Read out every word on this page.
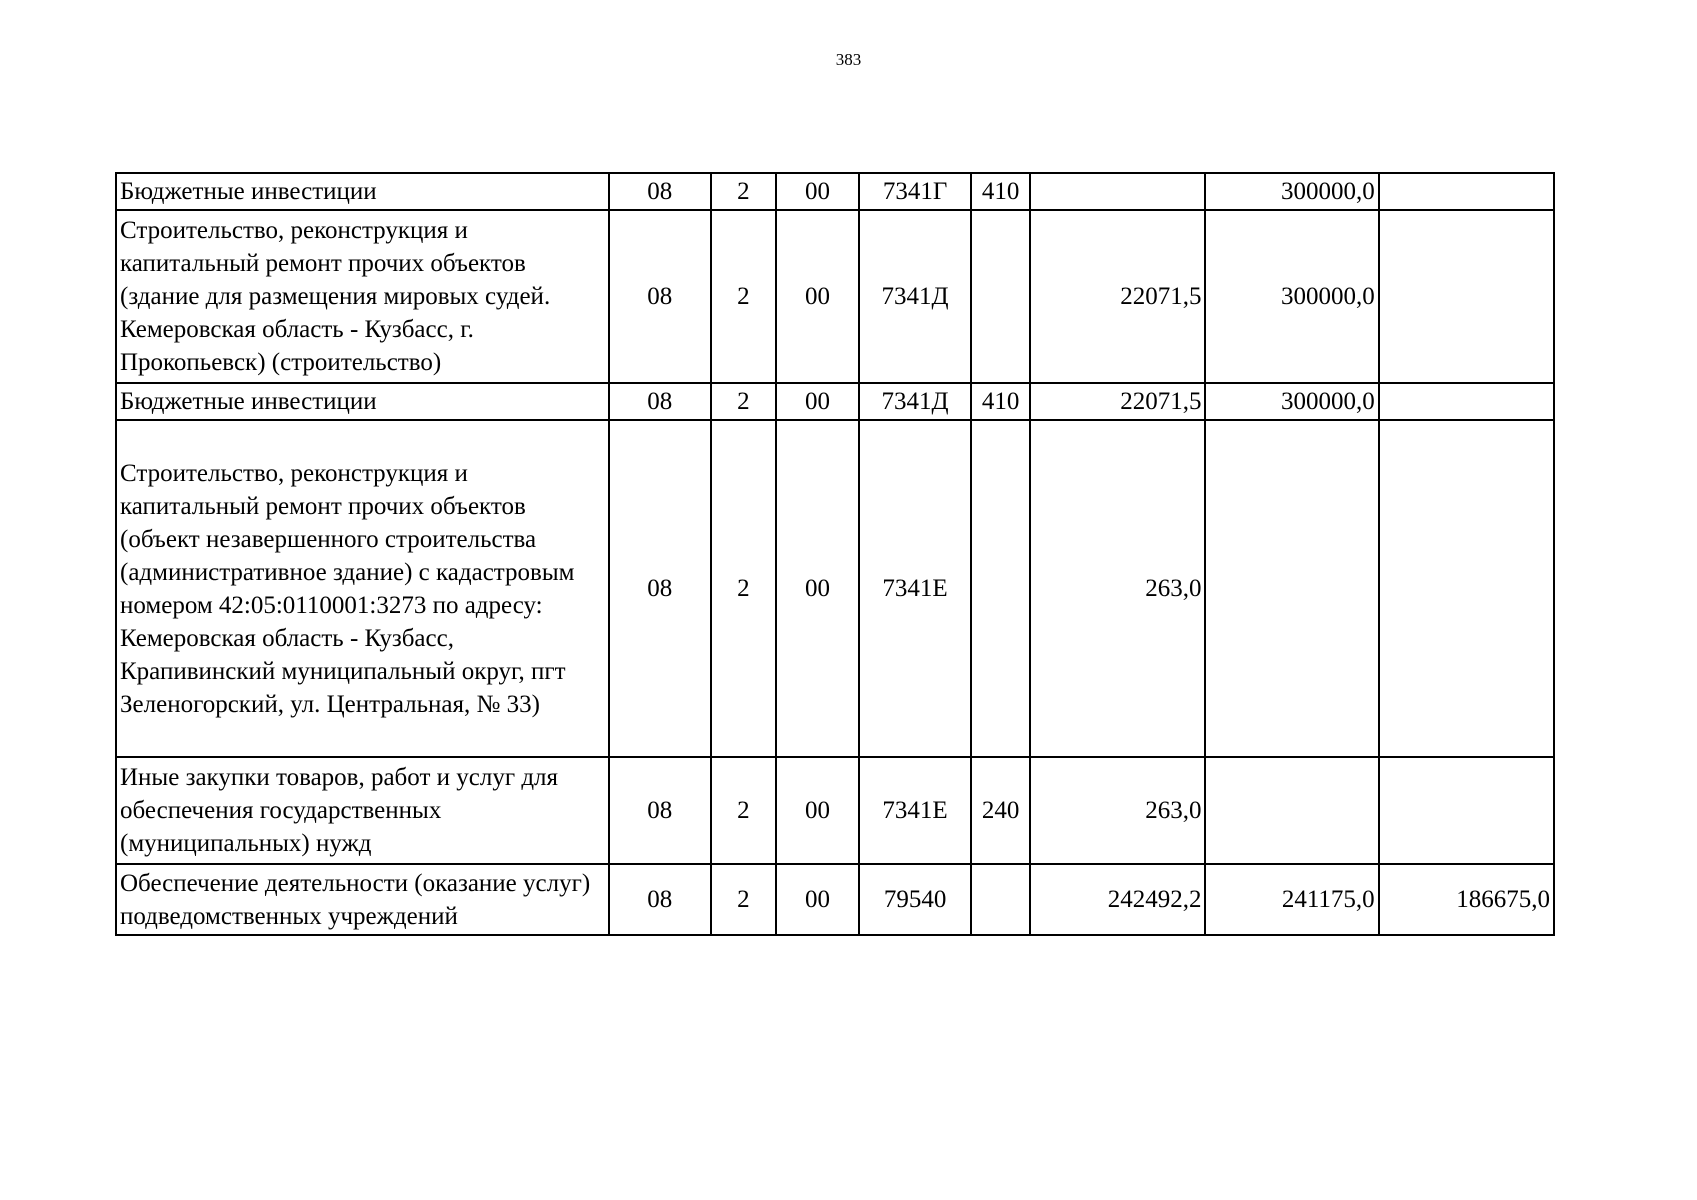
383
Бюджетные инвестиции	08	2	00	7341Г	410		300000,0	
Строительство, реконструкция и капитальный ремонт прочих объектов (здание для размещения мировых судей. Кемеровская область - Кузбасс, г. Прокопьевск) (строительство)	08	2	00	7341Д		22071,5	300000,0	
Бюджетные инвестиции	08	2	00	7341Д	410	22071,5	300000,0	
Строительство, реконструкция и капитальный ремонт прочих объектов (объект незавершенного строительства (административное здание) с кадастровым номером 42:05:0110001:3273 по адресу: Кемеровская область - Кузбасс, Крапивинский муниципальный округ, пгт Зеленогорский, ул. Центральная, № 33)	08	2	00	7341Е		263,0		
Иные закупки товаров, работ и услуг для обеспечения государственных (муниципальных) нужд	08	2	00	7341Е	240	263,0		
Обеспечение деятельности (оказание услуг) подведомственных учреждений	08	2	00	79540		242492,2	241175,0	186675,0
